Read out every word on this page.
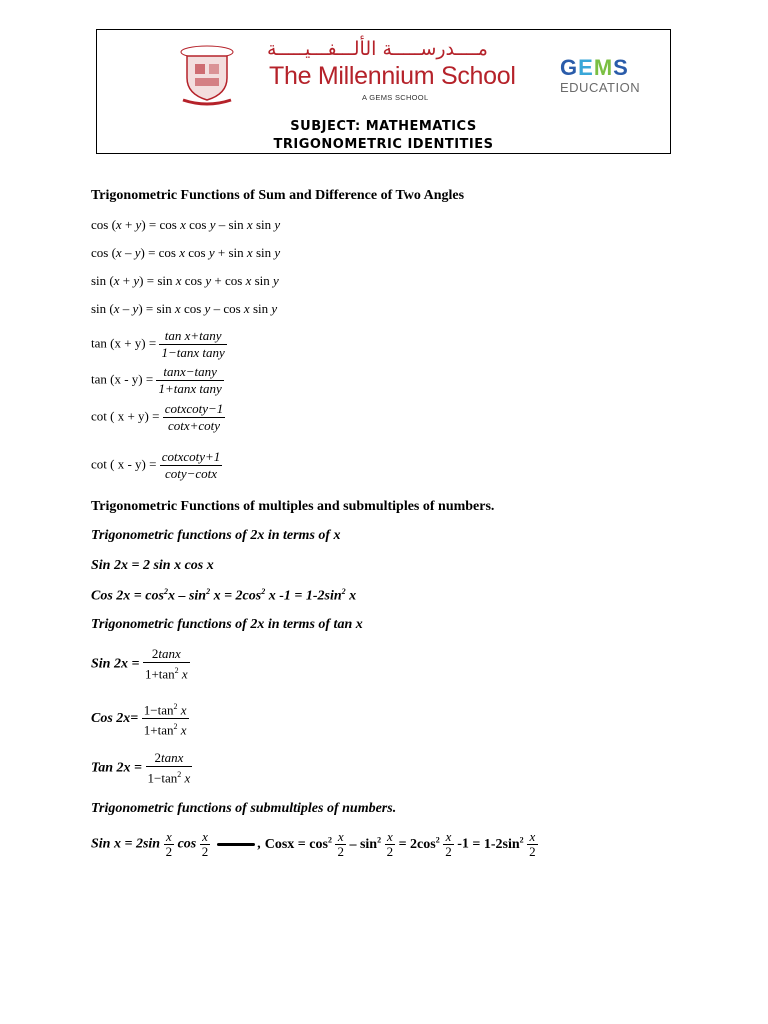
مــــدرســـــة الألـــفـــيـــــة
The Millennium School
A GEMS SCHOOL
GEMS
EDUCATION
SUBJECT: MATHEMATICS
TRIGONOMETRIC IDENTITIES
Trigonometric Functions of Sum and Difference of Two Angles
cos (x + y) = cos x cos y – sin x sin y
cos (x – y) = cos x cos y + sin x sin y
sin (x + y) = sin x cos y + cos x sin y
sin (x – y) = sin x cos y – cos x sin y
$\tan (x + y) = \frac{\text{tan x+tany}}{\text{1−tanx tany}}$
$\tan (x - y) = \frac{\tan x-\tan y}{\text{1+tanx tany}}$
cot ( $x + y) = \frac{\text{cotxcoty−1}}{\cot x+\cot y}$
cot ( $x - y) = \frac{\text{cotxcoty+1}}{\cot y-\cot x}$
Trigonometric Functions of multiples and submultiples of numbers.
Trigonometric functions of 2x in terms of x
Sin 2x = 2 sin x cos x
Cos $2x = \cos^2x - \sin^2 x = 2\cos^2$ x $-1 = 1-2\sin^2$ x
Trigonometric functions of 2x in terms of tan x
Sin $2x = \frac{2\tan x}{1+\tan^2 x}$
Cos $2x= \frac{1-\tan^2 x}{1+\tan^2 x}$
Tan $2x = \frac{2\tan x}{1-\tan^2 x}$
Trigonometric functions of submultiples of numbers.
Sin $x = 2\sin \frac{x}{2}$ $\cos \frac{x}{2}$	, Cosx = $\cos^2 \frac{x}{2} - \sin^2 \frac{x}{2} = 2\cos^2 \frac{x}{2} -1 = 1-2\sin^2 \frac{x}{2}$
